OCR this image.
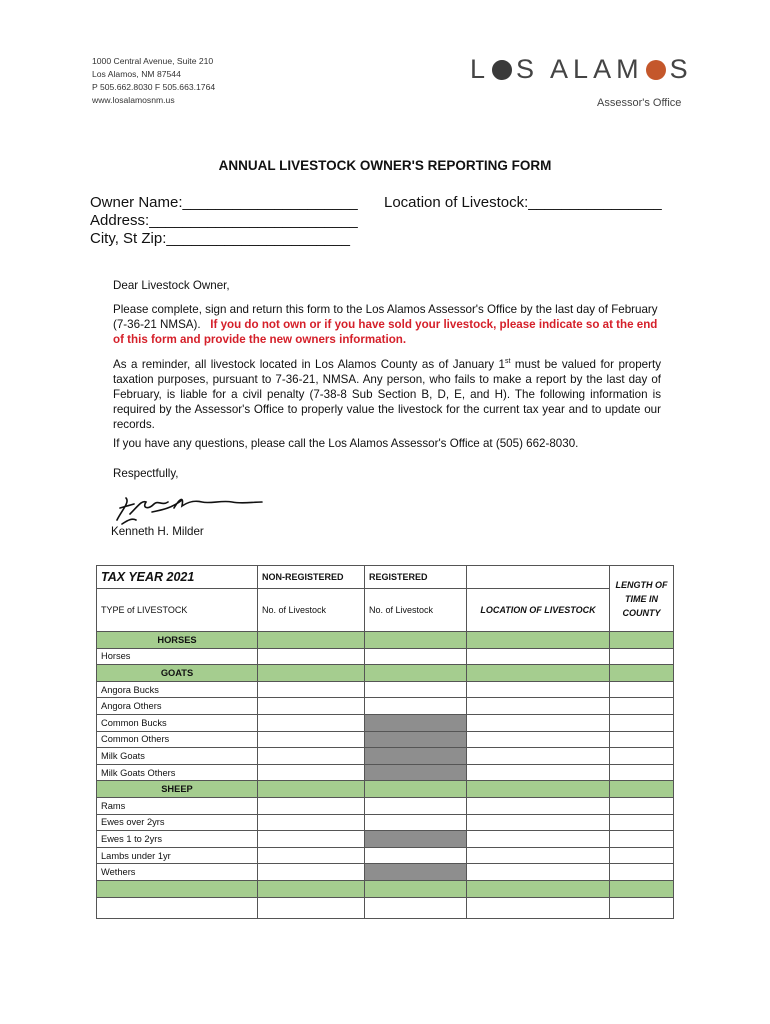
1000 Central Avenue, Suite 210
Los Alamos, NM 87544
P 505.662.8030 F 505.663.1764
www.losalamosnm.us
L S ALAM S
Assessor's Office
ANNUAL LIVESTOCK OWNER'S REPORTING FORM
Owner Name:_____________________ Location of Livestock:________________
Address:_________________________
City, St Zip:______________________

Dear Livestock Owner,

Please complete, sign and return this form to the Los Alamos Assessor's Office by the last day of February (7-36-21 NMSA). If you do not own or if you have sold your livestock, please indicate so at the end of this form and provide the new owners information.

As a reminder, all livestock located in Los Alamos County as of January 1st must be valued for property taxation purposes, pursuant to 7-36-21, NMSA. Any person, who fails to make a report by the last day of February, is liable for a civil penalty (7-38-8 Sub Section B, D, E, and H). The following information is required by the Assessor's Office to properly value the livestock for the current tax year and to update our records.

If you have any questions, please call the Los Alamos Assessor's Office at (505) 662-8030.

Respectfully,

Kenneth H. Milder

TAX YEAR 2021	NON-REGISTERED	REGISTERED		LENGTH OF
TIME IN
COUNTY

TYPE of LIVESTOCK	No. of Livestock	No. of Livestock	LOCATION OF LIVESTOCK	
HORSES				
Horses				
GOATS				
Angora Bucks				
Angora Others				
Common Bucks				
Common Others				
Milk Goats				
Milk Goats Others				
SHEEP				
Rams				
Ewes over 2yrs				
Ewes 1 to 2yrs				
Lambs under 1yr				
Wethers				
